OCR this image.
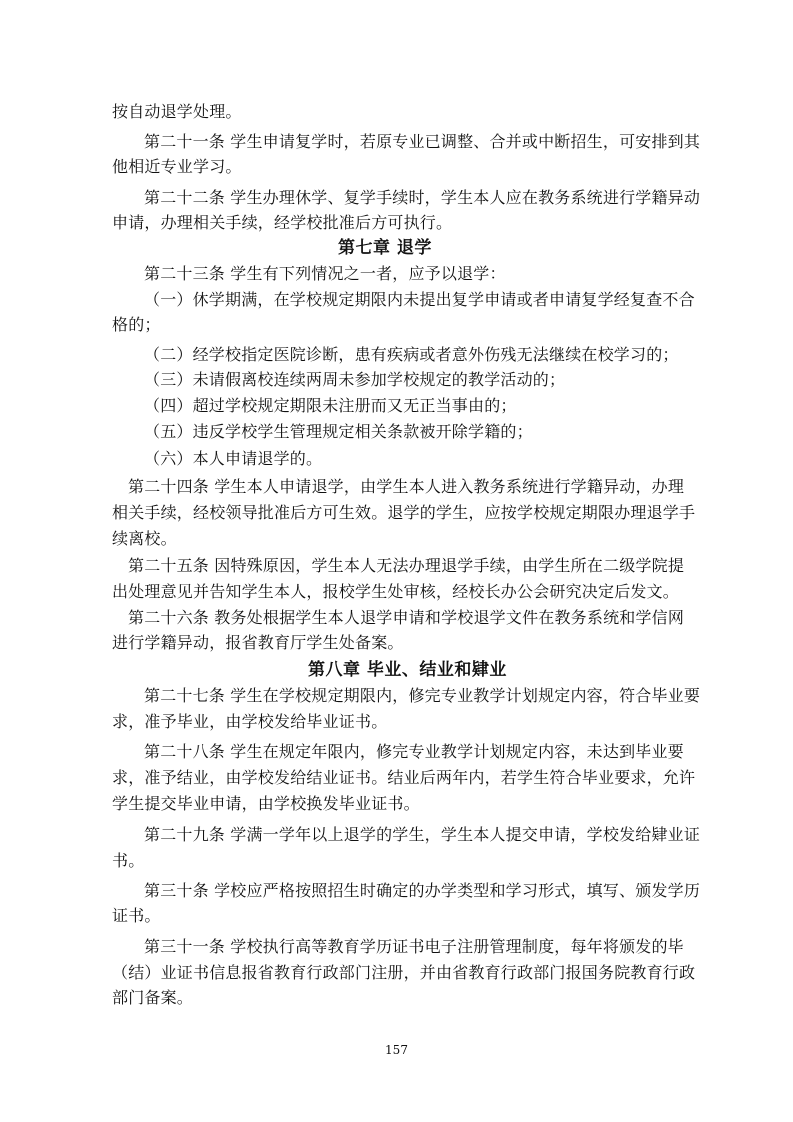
按自动退学处理。
第二十一条 学生申请复学时，若原专业已调整、合并或中断招生，可安排到其
他相近专业学习。
第二十二条 学生办理休学、复学手续时，学生本人应在教务系统进行学籍异动
申请，办理相关手续，经学校批准后方可执行。
第七章 退学
第二十三条 学生有下列情况之一者，应予以退学：
（一）休学期满，在学校规定期限内未提出复学申请或者申请复学经复查不合
格的；
（二）经学校指定医院诊断，患有疾病或者意外伤残无法继续在校学习的；
（三）未请假离校连续两周未参加学校规定的教学活动的；
（四）超过学校规定期限未注册而又无正当事由的；
（五）违反学校学生管理规定相关条款被开除学籍的；
（六）本人申请退学的。
第二十四条 学生本人申请退学，由学生本人进入教务系统进行学籍异动，办理
相关手续，经校领导批准后方可生效。退学的学生，应按学校规定期限办理退学手
续离校。
第二十五条 因特殊原因，学生本人无法办理退学手续，由学生所在二级学院提
出处理意见并告知学生本人，报校学生处审核，经校长办公会研究决定后发文。
第二十六条 教务处根据学生本人退学申请和学校退学文件在教务系统和学信网
进行学籍异动，报省教育厅学生处备案。
第八章 毕业、结业和肄业
第二十七条 学生在学校规定期限内，修完专业教学计划规定内容，符合毕业要
求，准予毕业，由学校发给毕业证书。
第二十八条 学生在规定年限内，修完专业教学计划规定内容，未达到毕业要
求，准予结业，由学校发给结业证书。结业后两年内，若学生符合毕业要求，允许
学生提交毕业申请，由学校换发毕业证书。
第二十九条 学满一学年以上退学的学生，学生本人提交申请，学校发给肄业证
书。
第三十条 学校应严格按照招生时确定的办学类型和学习形式，填写、颁发学历
证书。
第三十一条 学校执行高等教育学历证书电子注册管理制度，每年将颁发的毕
（结）业证书信息报省教育行政部门注册，并由省教育行政部门报国务院教育行政
部门备案。
157
